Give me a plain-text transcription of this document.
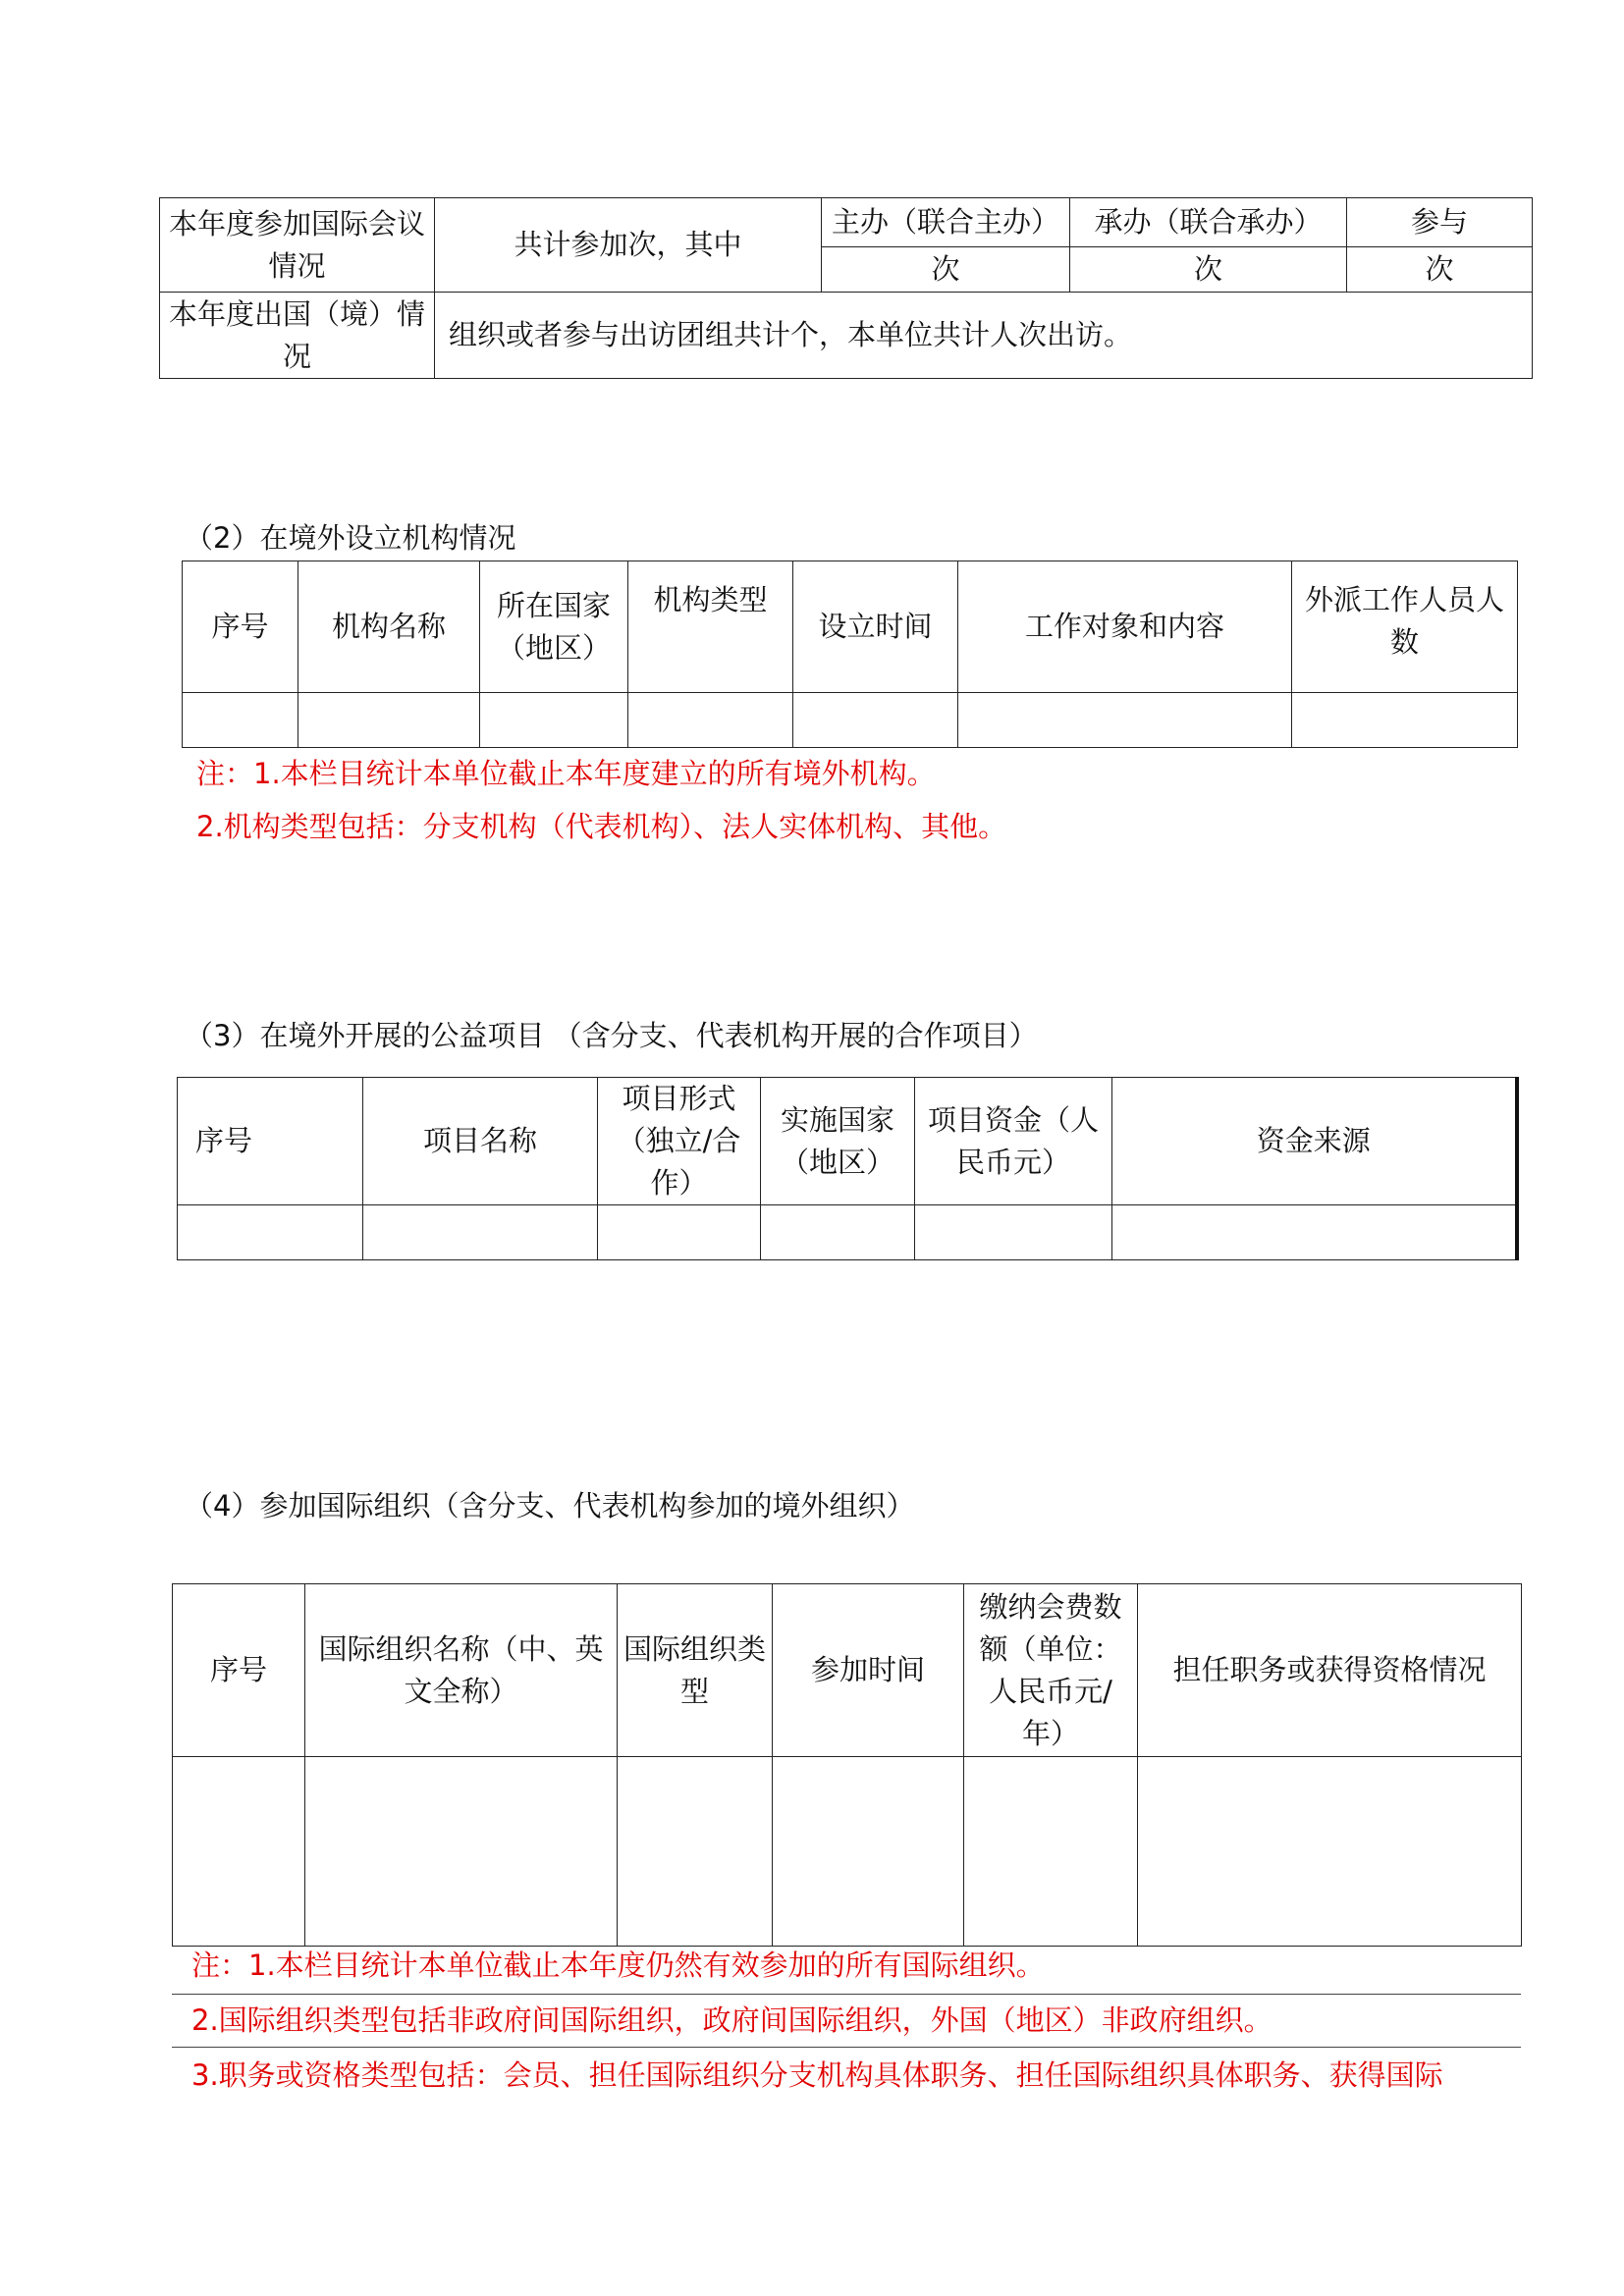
本年度参加国际会议情况	共计参加次，其中	主办（联合主办）	承办（联合承办）	参与
		次	次	次
本年度出国（境）情况	组织或者参与出访团组共计个，本单位共计人次出访。			
（2）在境外设立机构情况
序号	机构名称	所在国家（地区）	机构类型	设立时间	工作对象和内容	外派工作人员人数

注：1.本栏目统计本单位截止本年度建立的所有境外机构。
2.机构类型包括：分支机构（代表机构）、法人实体机构、其他。
（3）在境外开展的公益项目 （含分支、代表机构开展的合作项目）
序号	项目名称	项目形式（独立/合作）	实施国家（地区）	项目资金（人民币元）	资金来源

（4）参加国际组织（含分支、代表机构参加的境外组织）
序号	国际组织名称（中、英文全称）	国际组织类型	参加时间	缴纳会费数额（单位：人民币元/年）	担任职务或获得资格情况

注：1.本栏目统计本单位截止本年度仍然有效参加的所有国际组织。
2.国际组织类型包括非政府间国际组织，政府间国际组织，外国（地区）非政府组织。
3.职务或资格类型包括：会员、担任国际组织分支机构具体职务、担任国际组织具体职务、获得国际
